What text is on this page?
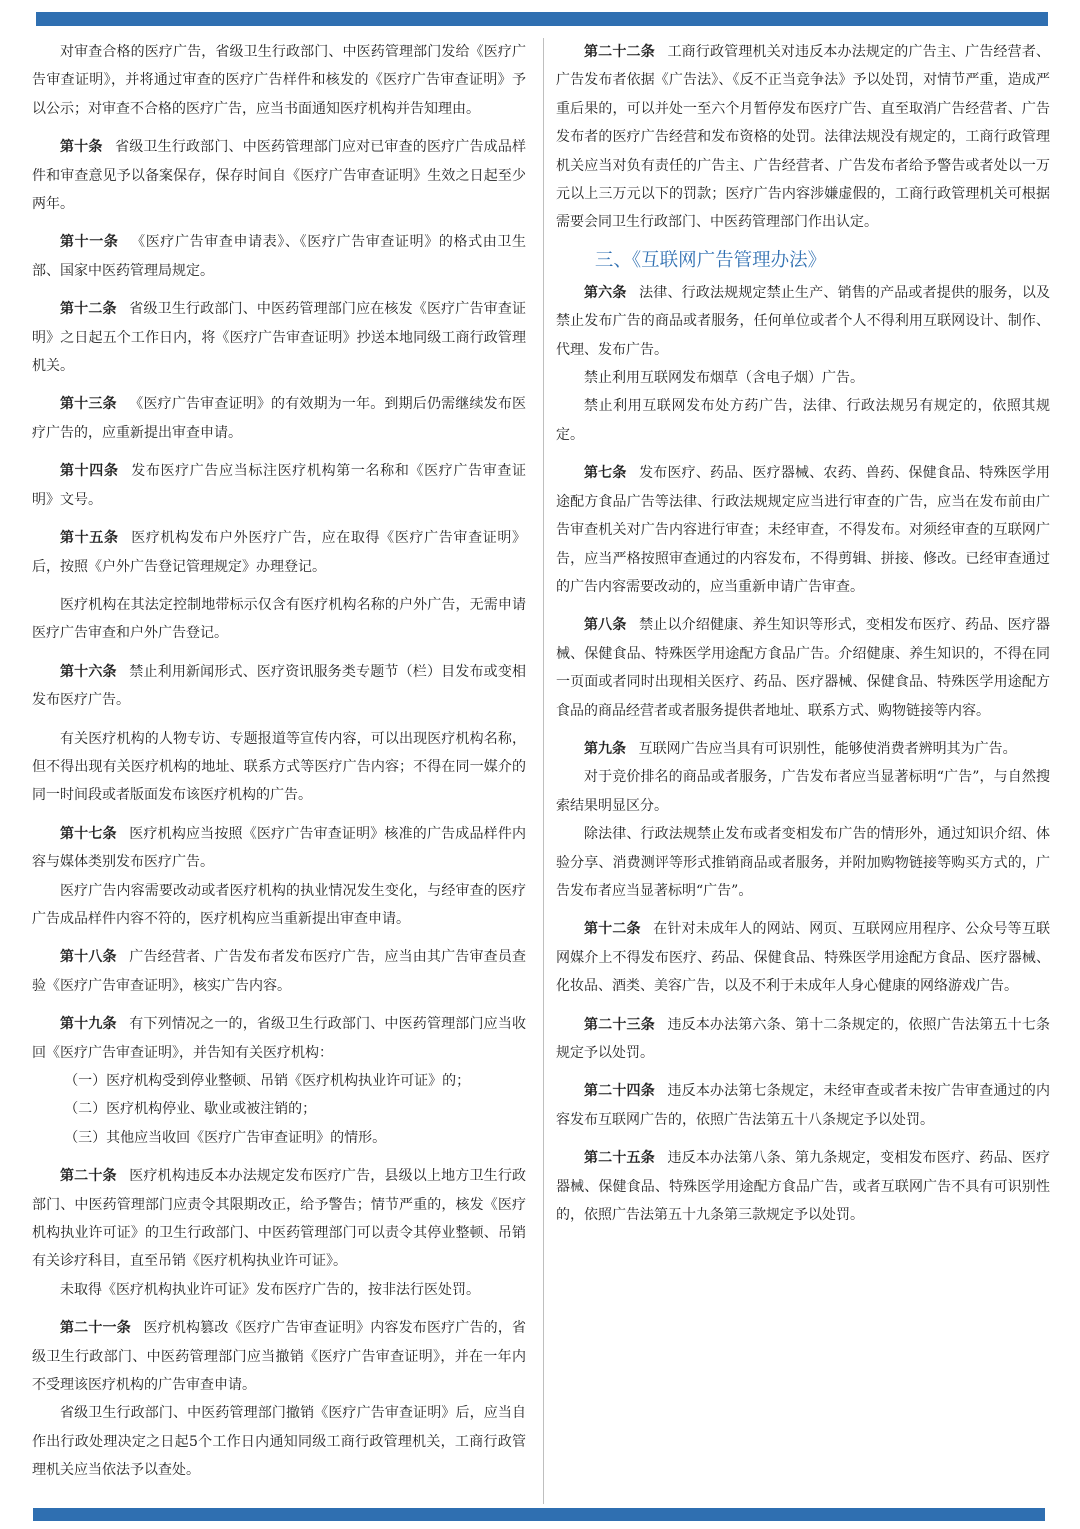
对审查合格的医疗广告，省级卫生行政部门、中医药管理部门发给《医疗广告审查证明》，并将通过审查的医疗广告样件和核发的《医疗广告审查证明》予以公示；对审查不合格的医疗广告，应当书面通知医疗机构并告知理由。

第十条 省级卫生行政部门、中医药管理部门应对已审查的医疗广告成品样件和审查意见予以备案保存，保存时间自《医疗广告审查证明》生效之日起至少两年。

第十一条 《医疗广告审查申请表》、《医疗广告审查证明》的格式由卫生部、国家中医药管理局规定。

第十二条 省级卫生行政部门、中医药管理部门应在核发《医疗广告审查证明》之日起五个工作日内，将《医疗广告审查证明》抄送本地同级工商行政管理机关。

第十三条 《医疗广告审查证明》的有效期为一年。到期后仍需继续发布医疗广告的，应重新提出审查申请。

第十四条 发布医疗广告应当标注医疗机构第一名称和《医疗广告审查证明》文号。

第十五条 医疗机构发布户外医疗广告，应在取得《医疗广告审查证明》后，按照《户外广告登记管理规定》办理登记。

医疗机构在其法定控制地带标示仅含有医疗机构名称的户外广告，无需申请医疗广告审查和户外广告登记。

第十六条 禁止利用新闻形式、医疗资讯服务类专题节（栏）目发布或变相发布医疗广告。

有关医疗机构的人物专访、专题报道等宣传内容，可以出现医疗机构名称，但不得出现有关医疗机构的地址、联系方式等医疗广告内容；不得在同一媒介的同一时间段或者版面发布该医疗机构的广告。

第十七条 医疗机构应当按照《医疗广告审查证明》核准的广告成品样件内容与媒体类别发布医疗广告。

医疗广告内容需要改动或者医疗机构的执业情况发生变化，与经审查的医疗广告成品样件内容不符的，医疗机构应当重新提出审查申请。

第十八条 广告经营者、广告发布者发布医疗广告，应当由其广告审查员查验《医疗广告审查证明》，核实广告内容。

第十九条 有下列情况之一的，省级卫生行政部门、中医药管理部门应当收回《医疗广告审查证明》，并告知有关医疗机构：

（一）医疗机构受到停业整顿、吊销《医疗机构执业许可证》的；

（二）医疗机构停业、歇业或被注销的；

（三）其他应当收回《医疗广告审查证明》的情形。

第二十条 医疗机构违反本办法规定发布医疗广告，县级以上地方卫生行政部门、中医药管理部门应责令其限期改正，给予警告；情节严重的，核发《医疗机构执业许可证》的卫生行政部门、中医药管理部门可以责令其停业整顿、吊销有关诊疗科目，直至吊销《医疗机构执业许可证》。

未取得《医疗机构执业许可证》发布医疗广告的，按非法行医处罚。

第二十一条 医疗机构篡改《医疗广告审查证明》内容发布医疗广告的，省级卫生行政部门、中医药管理部门应当撤销《医疗广告审查证明》，并在一年内不受理该医疗机构的广告审查申请。

省级卫生行政部门、中医药管理部门撤销《医疗广告审查证明》后，应当自作出行政处理决定之日起5个工作日内通知同级工商行政管理机关，工商行政管理机关应当依法予以查处。

第二十二条 工商行政管理机关对违反本办法规定的广告主、广告经营者、广告发布者依据《广告法》、《反不正当竞争法》予以处罚，对情节严重，造成严重后果的，可以并处一至六个月暂停发布医疗广告、直至取消广告经营者、广告发布者的医疗广告经营和发布资格的处罚。法律法规没有规定的，工商行政管理机关应当对负有责任的广告主、广告经营者、广告发布者给予警告或者处以一万元以上三万元以下的罚款；医疗广告内容涉嫌虚假的，工商行政管理机关可根据需要会同卫生行政部门、中医药管理部门作出认定。

三、《互联网广告管理办法》

第六条 法律、行政法规规定禁止生产、销售的产品或者提供的服务，以及禁止发布广告的商品或者服务，任何单位或者个人不得利用互联网设计、制作、代理、发布广告。

禁止利用互联网发布烟草（含电子烟）广告。

禁止利用互联网发布处方药广告，法律、行政法规另有规定的，依照其规定。

第七条 发布医疗、药品、医疗器械、农药、兽药、保健食品、特殊医学用途配方食品广告等法律、行政法规规定应当进行审查的广告，应当在发布前由广告审查机关对广告内容进行审查；未经审查，不得发布。对须经审查的互联网广告，应当严格按照审查通过的内容发布，不得剪辑、拼接、修改。已经审查通过的广告内容需要改动的，应当重新申请广告审查。

第八条 禁止以介绍健康、养生知识等形式，变相发布医疗、药品、医疗器械、保健食品、特殊医学用途配方食品广告。介绍健康、养生知识的，不得在同一页面或者同时出现相关医疗、药品、医疗器械、保健食品、特殊医学用途配方食品的商品经营者或者服务提供者地址、联系方式、购物链接等内容。

第九条 互联网广告应当具有可识别性，能够使消费者辨明其为广告。

对于竞价排名的商品或者服务，广告发布者应当显著标明“广告”，与自然搜索结果明显区分。

除法律、行政法规禁止发布或者变相发布广告的情形外，通过知识介绍、体验分享、消费测评等形式推销商品或者服务，并附加购物链接等购买方式的，广告发布者应当显著标明“广告”。

第十二条 在针对未成年人的网站、网页、互联网应用程序、公众号等互联网媒介上不得发布医疗、药品、保健食品、特殊医学用途配方食品、医疗器械、化妆品、酒类、美容广告，以及不利于未成年人身心健康的网络游戏广告。

第二十三条 违反本办法第六条、第十二条规定的，依照广告法第五十七条规定予以处罚。

第二十四条 违反本办法第七条规定，未经审查或者未按广告审查通过的内容发布互联网广告的，依照广告法第五十八条规定予以处罚。

第二十五条 违反本办法第八条、第九条规定，变相发布医疗、药品、医疗器械、保健食品、特殊医学用途配方食品广告，或者互联网广告不具有可识别性的，依照广告法第五十九条第三款规定予以处罚。
